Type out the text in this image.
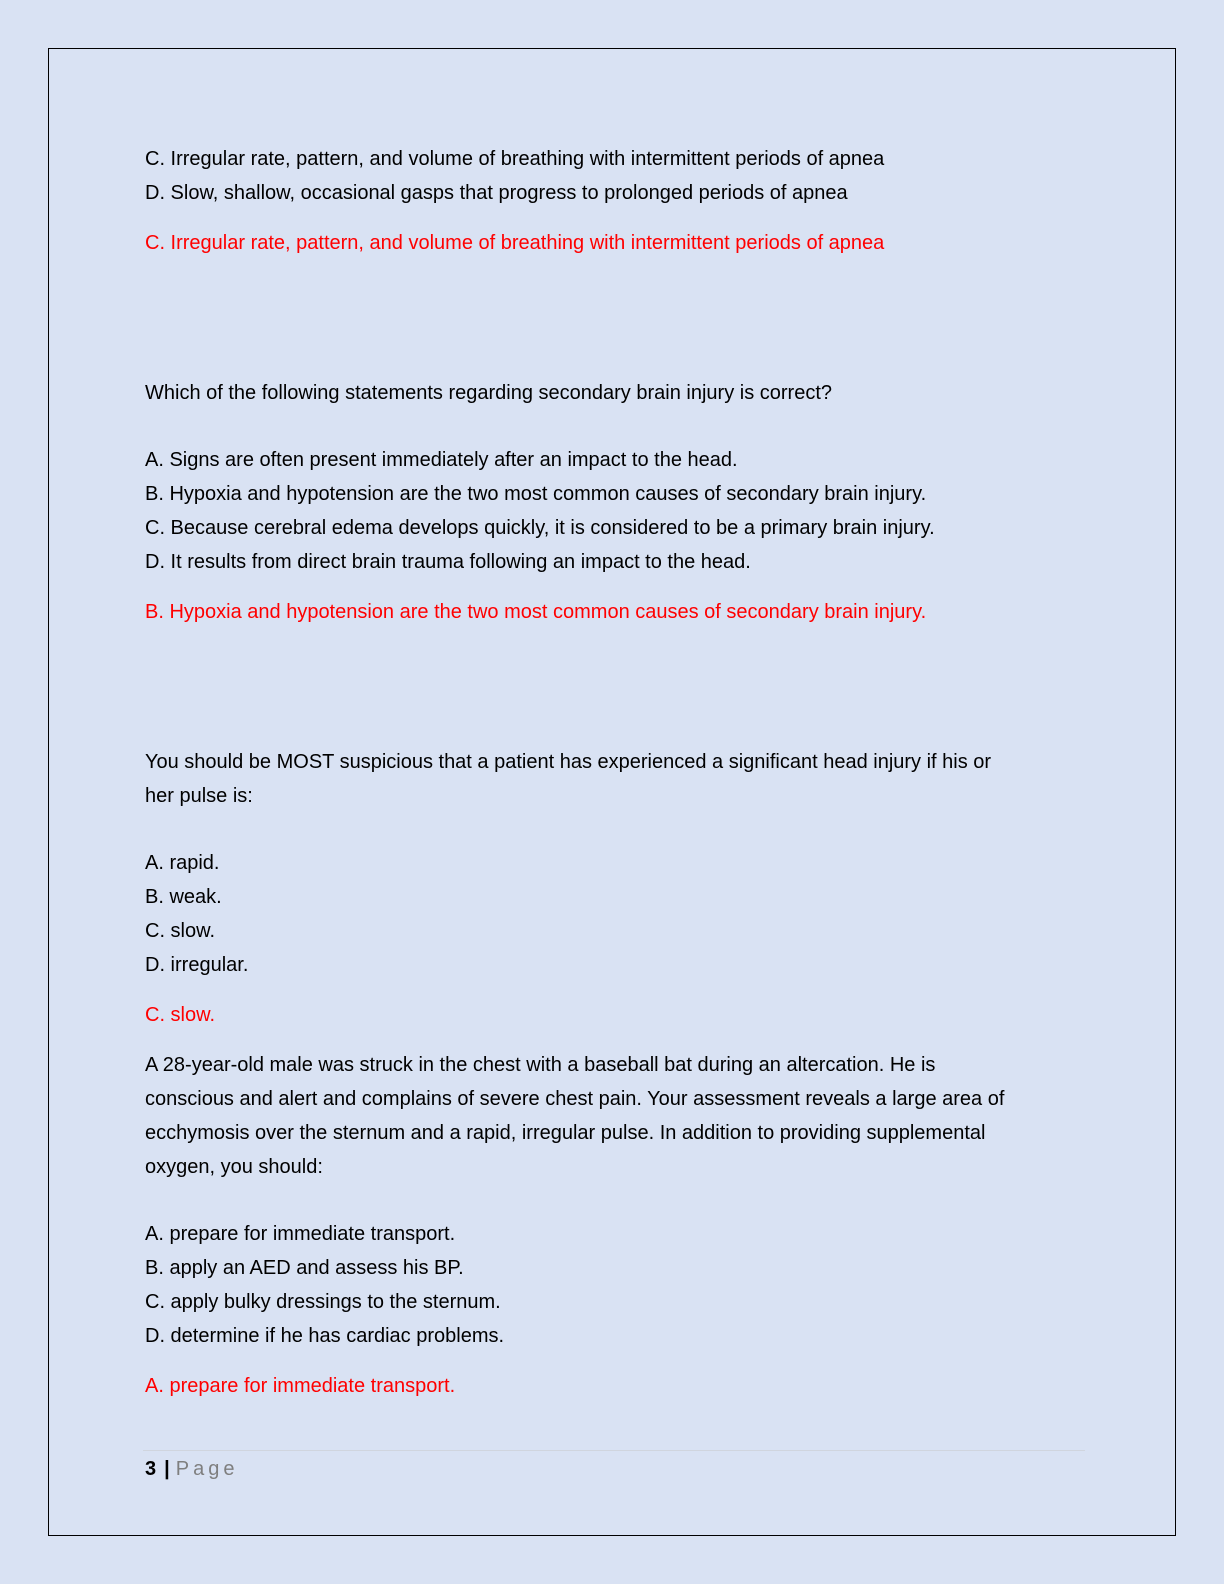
C. Irregular rate, pattern, and volume of breathing with intermittent periods of apnea
D. Slow, shallow, occasional gasps that progress to prolonged periods of apnea
C. Irregular rate, pattern, and volume of breathing with intermittent periods of apnea
Which of the following statements regarding secondary brain injury is correct?
A. Signs are often present immediately after an impact to the head.
B. Hypoxia and hypotension are the two most common causes of secondary brain injury.
C. Because cerebral edema develops quickly, it is considered to be a primary brain injury.
D. It results from direct brain trauma following an impact to the head.
B. Hypoxia and hypotension are the two most common causes of secondary brain injury.
You should be MOST suspicious that a patient has experienced a significant head injury if his or
her pulse is:
A. rapid.
B. weak.
C. slow.
D. irregular.
C. slow.
A 28-year-old male was struck in the chest with a baseball bat during an altercation. He is
conscious and alert and complains of severe chest pain. Your assessment reveals a large area of
ecchymosis over the sternum and a rapid, irregular pulse. In addition to providing supplemental
oxygen, you should:
A. prepare for immediate transport.
B. apply an AED and assess his BP.
C. apply bulky dressings to the sternum.
D. determine if he has cardiac problems.
A. prepare for immediate transport.
3 | Page
